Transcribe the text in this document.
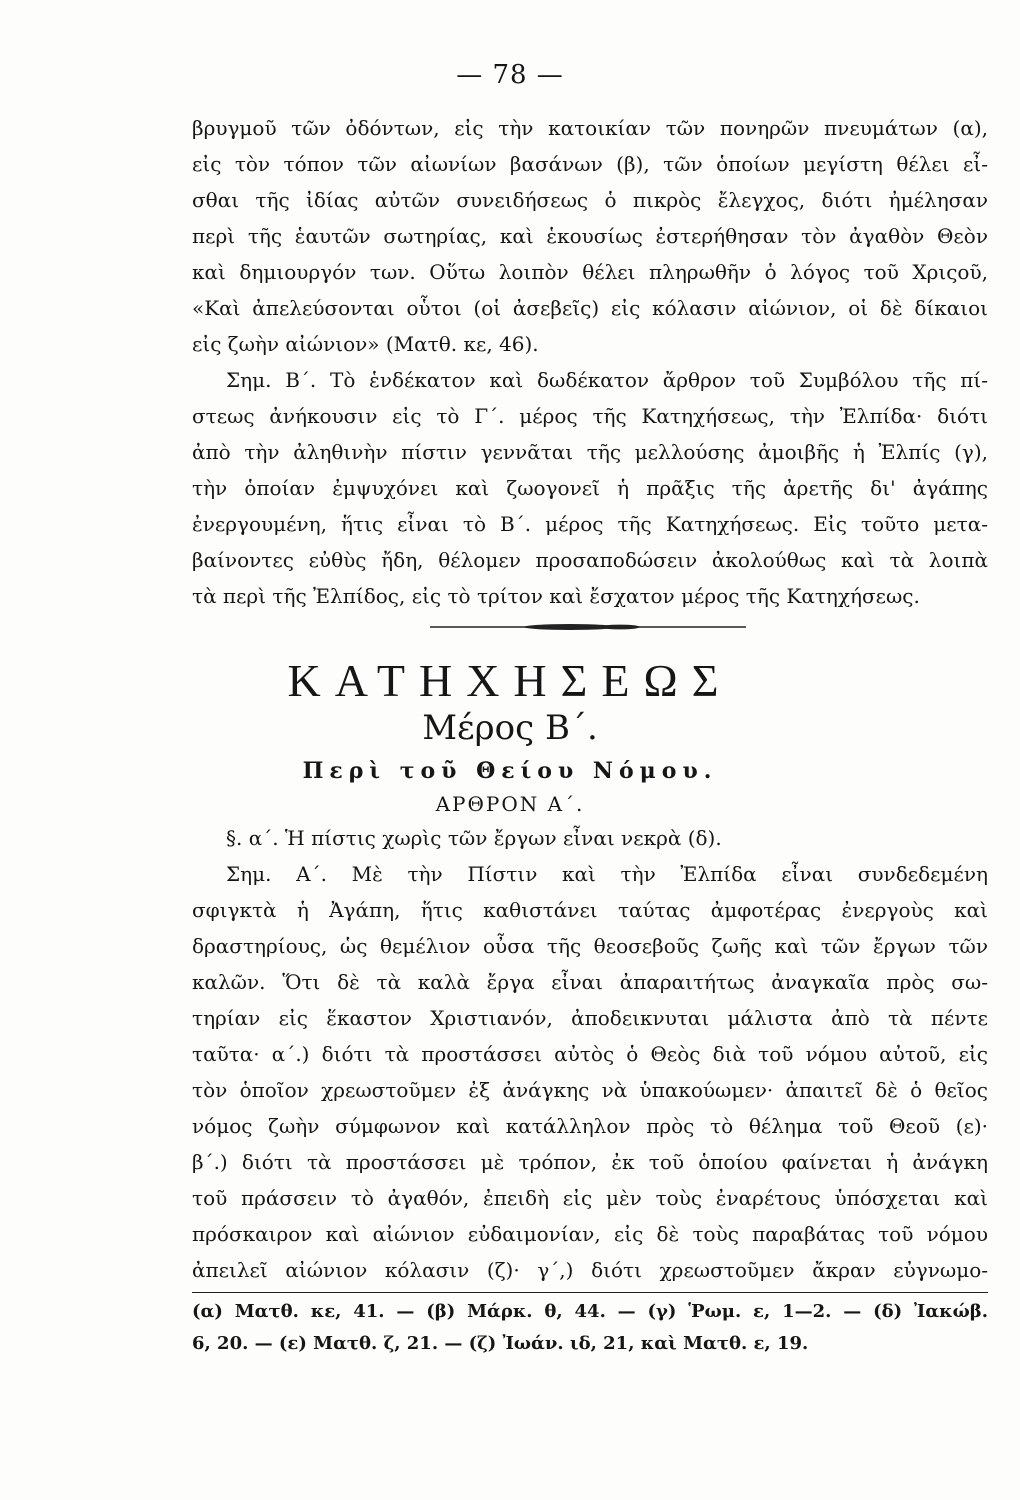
— 78 —
βρυγμοῦ τῶν ὀδόντων, εἰς τὴν κατοικίαν τῶν πονηρῶν πνευμάτων (α),
εἰς τὸν τόπον τῶν αἰωνίων βασάνων (β), τῶν ὁποίων μεγίστη θέλει εἶ-
σθαι τῆς ἰδίας αὐτῶν συνειδήσεως ὁ πικρὸς ἔλεγχος, διότι ἠμέλησαν
περὶ τῆς ἑαυτῶν σωτηρίας, καὶ ἑκουσίως ἐστερήθησαν τὸν ἀγαθὸν Θεὸν
καὶ δημιουργόν των. Οὕτω λοιπὸν θέλει πληρωθῆν ὁ λόγος τοῦ Χριςοῦ,
«Καὶ ἀπελεύσονται οὗτοι (οἱ ἀσεβεῖς) εἰς κόλασιν αἰώνιον, οἱ δὲ δίκαιοι
εἰς ζωὴν αἰώνιον» (Ματθ. κε, 46).
Σημ. Β΄. Τὸ ἑνδέκατον καὶ δωδέκατον ἄρθρον τοῦ Συμβόλου τῆς πί-
στεως ἀνήκουσιν εἰς τὸ Γ΄. μέρος τῆς Κατηχήσεως, τὴν Ἐλπίδα· διότι
ἀπὸ τὴν ἀληθινὴν πίστιν γεννᾶται τῆς μελλούσης ἀμοιβῆς ἡ Ἐλπίς (γ),
τὴν ὁποίαν ἐμψυχόνει καὶ ζωογονεῖ ἡ πρᾶξις τῆς ἀρετῆς δι' ἀγάπης
ἐνεργουμένη, ἥτις εἶναι τὸ Β΄. μέρος τῆς Κατηχήσεως. Εἰς τοῦτο μετα-
βαίνοντες εὐθὺς ἤδη, θέλομεν προσαποδώσειν ἀκολούθως καὶ τὰ λοιπὰ
τὰ περὶ τῆς Ἐλπίδος, εἰς τὸ τρίτον καὶ ἔσχατον μέρος τῆς Κατηχήσεως.
ΚΑΤΗΧΗΣΕΩΣ
Μέρος Β΄.
Περὶ τοῦ Θείου Νόμου.
ΑΡΘΡΟΝ Α΄.
§. α΄. Ἡ πίστις χωρὶς τῶν ἔργων εἶναι νεκρὰ (δ).
Σημ. Α΄. Μὲ τὴν Πίστιν καὶ τὴν Ἐλπίδα εἶναι συνδεδεμένη
σφιγκτὰ ἡ Ἀγάπη, ἥτις καθιστάνει ταύτας ἀμφοτέρας ἐνεργοὺς καὶ
δραστηρίους, ὡς θεμέλιον οὖσα τῆς θεοσεβοῦς ζωῆς καὶ τῶν ἔργων τῶν
καλῶν. Ὅτι δὲ τὰ καλὰ ἔργα εἶναι ἀπαραιτήτως ἀναγκαῖα πρὸς σω-
τηρίαν εἰς ἕκαστον Χριστιανόν, ἀποδεικνυται μάλιστα ἀπὸ τὰ πέντε
ταῦτα· α΄.) διότι τὰ προστάσσει αὐτὸς ὁ Θεὸς διὰ τοῦ νόμου αὐτοῦ, εἰς
τὸν ὁποῖον χρεωστοῦμεν ἐξ ἀνάγκης νὰ ὑπακούωμεν· ἀπαιτεῖ δὲ ὁ θεῖος
νόμος ζωὴν σύμφωνον καὶ κατάλληλον πρὸς τὸ θέλημα τοῦ Θεοῦ (ε)·
β΄.) διότι τὰ προστάσσει μὲ τρόπον, ἐκ τοῦ ὁποίου φαίνεται ἡ ἀνάγκη
τοῦ πράσσειν τὸ ἀγαθόν, ἐπειδὴ εἰς μὲν τοὺς ἐναρέτους ὑπόσχεται καὶ
πρόσκαιρον καὶ αἰώνιον εὐδαιμονίαν, εἰς δὲ τοὺς παραβάτας τοῦ νόμου
ἀπειλεῖ αἰώνιον κόλασιν (ζ)· γ΄,) διότι χρεωστοῦμεν ἄκραν εὐγνωμο-
(α) Ματθ. κε, 41. — (β) Μάρκ. θ, 44. — (γ) Ῥωμ. ε, 1—2. — (δ) Ἰακώβ.
6, 20. — (ε) Ματθ. ζ, 21. — (ζ) Ἰωάν. ιδ, 21, καὶ Ματθ. ε, 19.
